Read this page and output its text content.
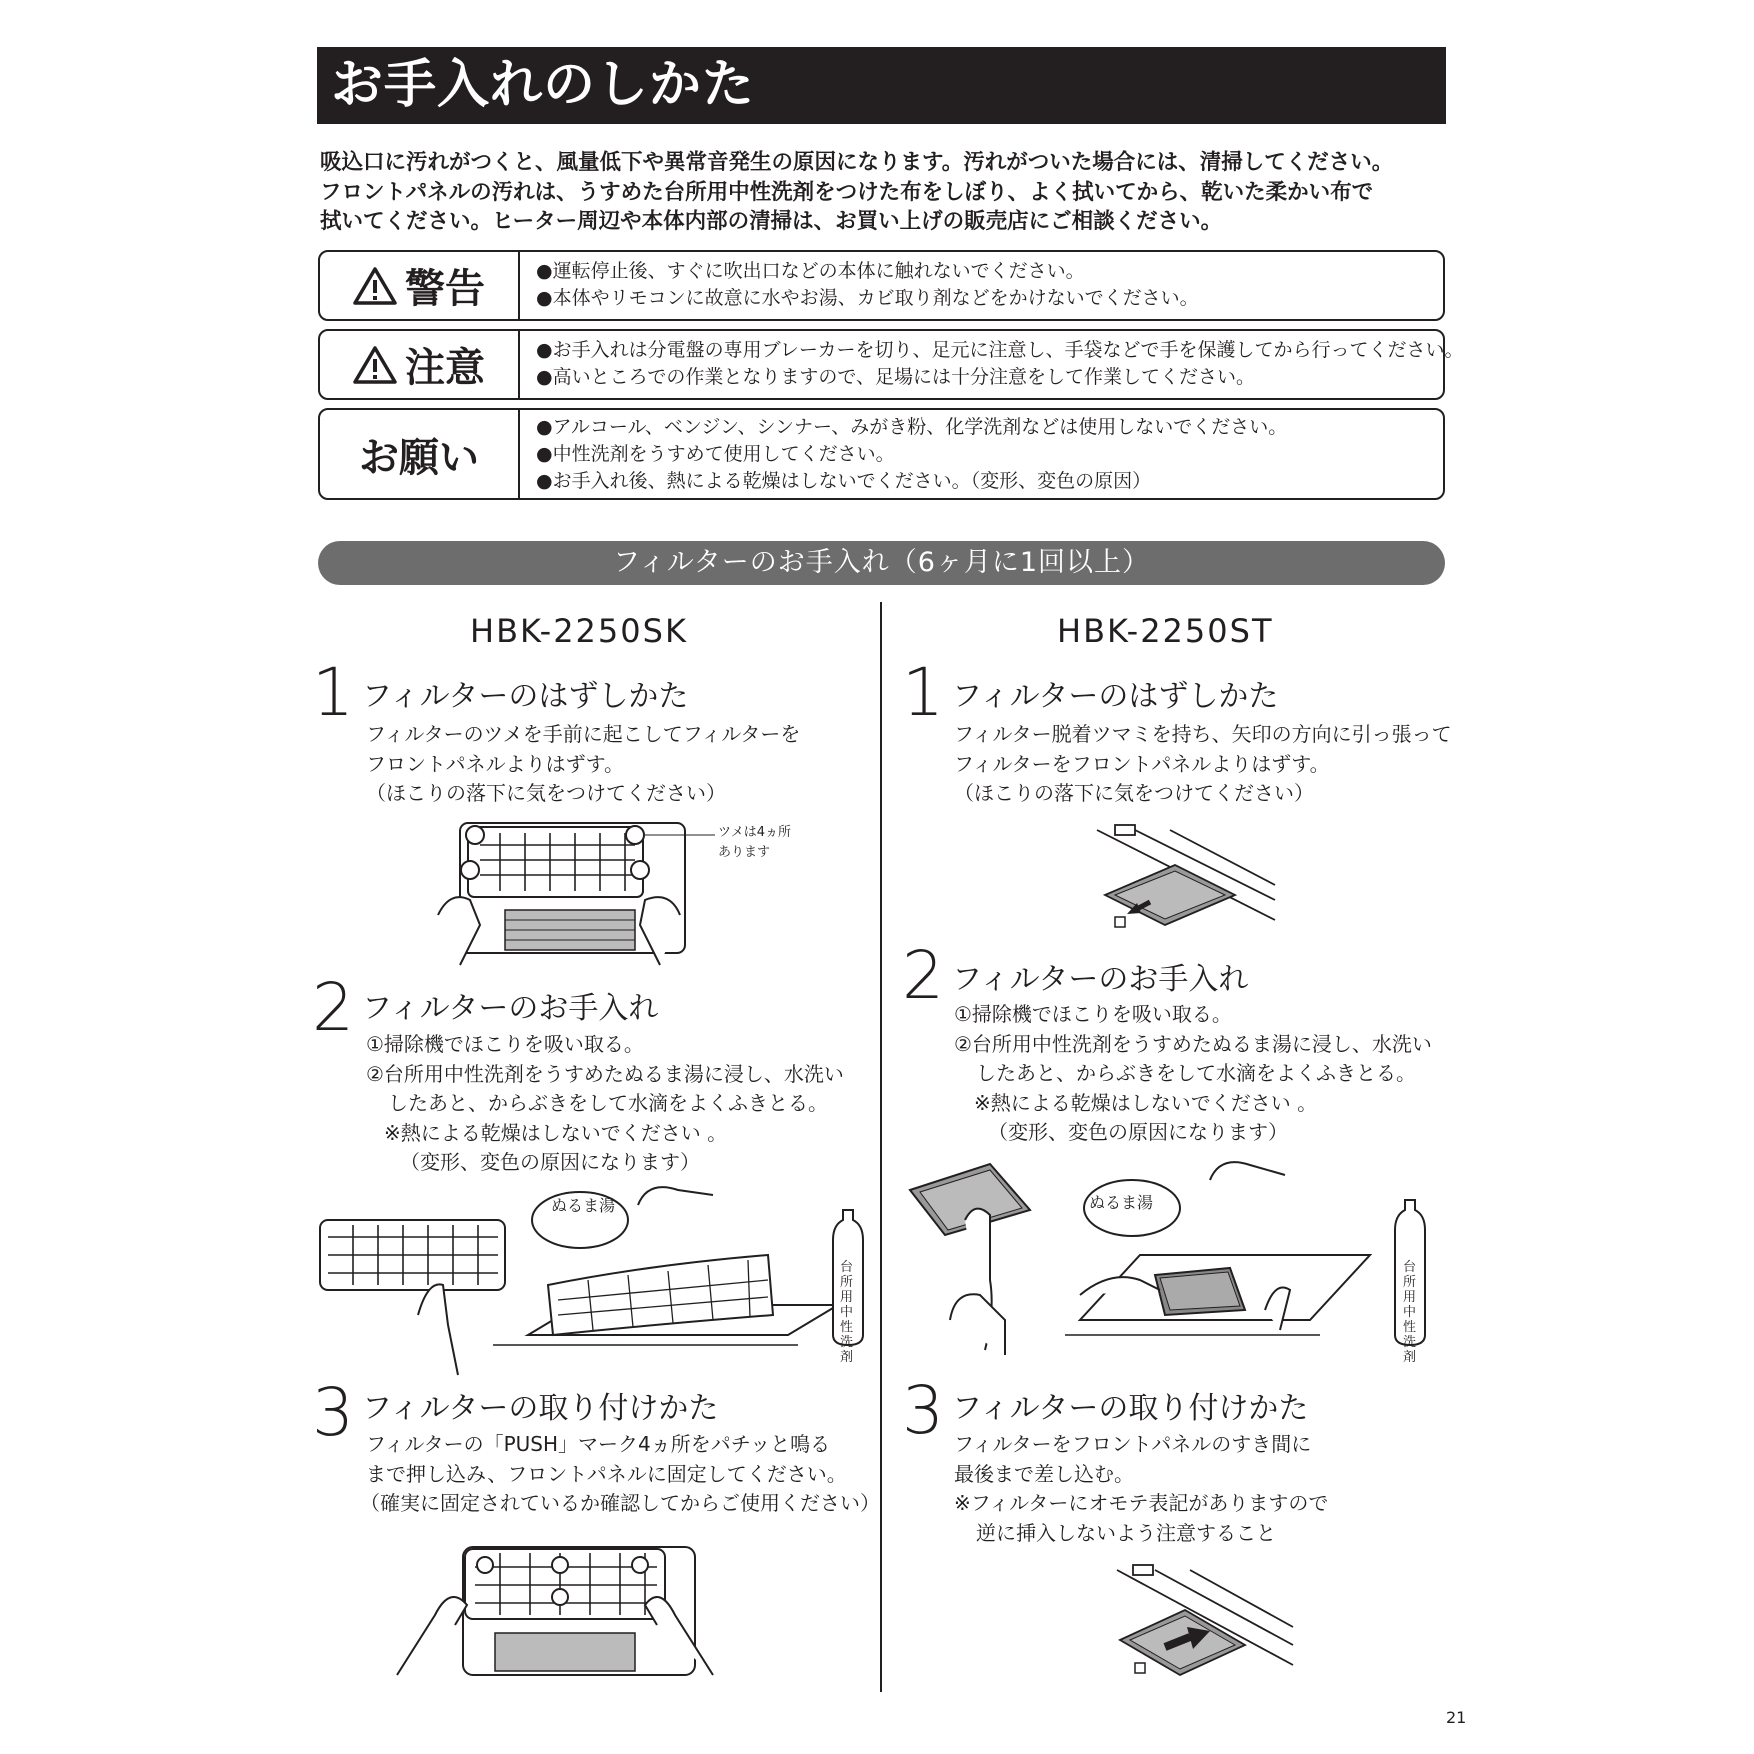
お手入れのしかた
吸込口に汚れがつくと、風量低下や異常音発生の原因になります。汚れがついた場合には、清掃してください。
フロントパネルの汚れは、うすめた台所用中性洗剤をつけた布をしぼり、よく拭いてから、乾いた柔かい布で
拭いてください。ヒーター周辺や本体内部の清掃は、お買い上げの販売店にご相談ください。
警告	●運転停止後、すぐに吹出口などの本体に触れないでください。
●本体やリモコンに故意に水やお湯、カビ取り剤などをかけないでください。
注意	●お手入れは分電盤の専用ブレーカーを切り、足元に注意し、手袋などで手を保護してから行ってください。
●高いところでの作業となりますので、足場には十分注意をして作業してください。
お願い
●アルコール、ベンジン、シンナー、みがき粉、化学洗剤などは使用しないでください。
●中性洗剤をうすめて使用してください。
●お手入れ後、熱による乾燥はしないでください。（変形、変色の原因）
フィルターのお手入れ（6ヶ月に1回以上）
HBK-2250SK
1 フィルターのはずしかた
フィルターのツメを手前に起こしてフィルターを
フロントパネルよりはずす。
（ほこりの落下に気をつけてください）
ツメは4ヵ所
あります
2 フィルターのお手入れ
①掃除機でほこりを吸い取る。
②台所用中性洗剤をうすめたぬるま湯に浸し、水洗い
したあと、からぶきをして水滴をよくふきとる。
※熱による乾燥はしないでください 。
（変形、変色の原因になります）
ぬるま湯
台所用中性洗剤
3 フィルターの取り付けかた
フィルターの「PUSH」マーク4ヵ所をパチッと鳴る
まで押し込み、フロントパネルに固定してください。
（確実に固定されているか確認してからご使用ください）
HBK-2250ST
1 フィルターのはずしかた
フィルター脱着ツマミを持ち、矢印の方向に引っ張って
フィルターをフロントパネルよりはずす。
（ほこりの落下に気をつけてください）
2 フィルターのお手入れ
①掃除機でほこりを吸い取る。
②台所用中性洗剤をうすめたぬるま湯に浸し、水洗い
したあと、からぶきをして水滴をよくふきとる。
※熱による乾燥はしないでください 。
（変形、変色の原因になります）
ぬるま湯
台所用中性洗剤
3 フィルターの取り付けかた
フィルターをフロントパネルのすき間に
最後まで差し込む。
※フィルターにオモテ表記がありますので
逆に挿入しないよう注意すること
21
